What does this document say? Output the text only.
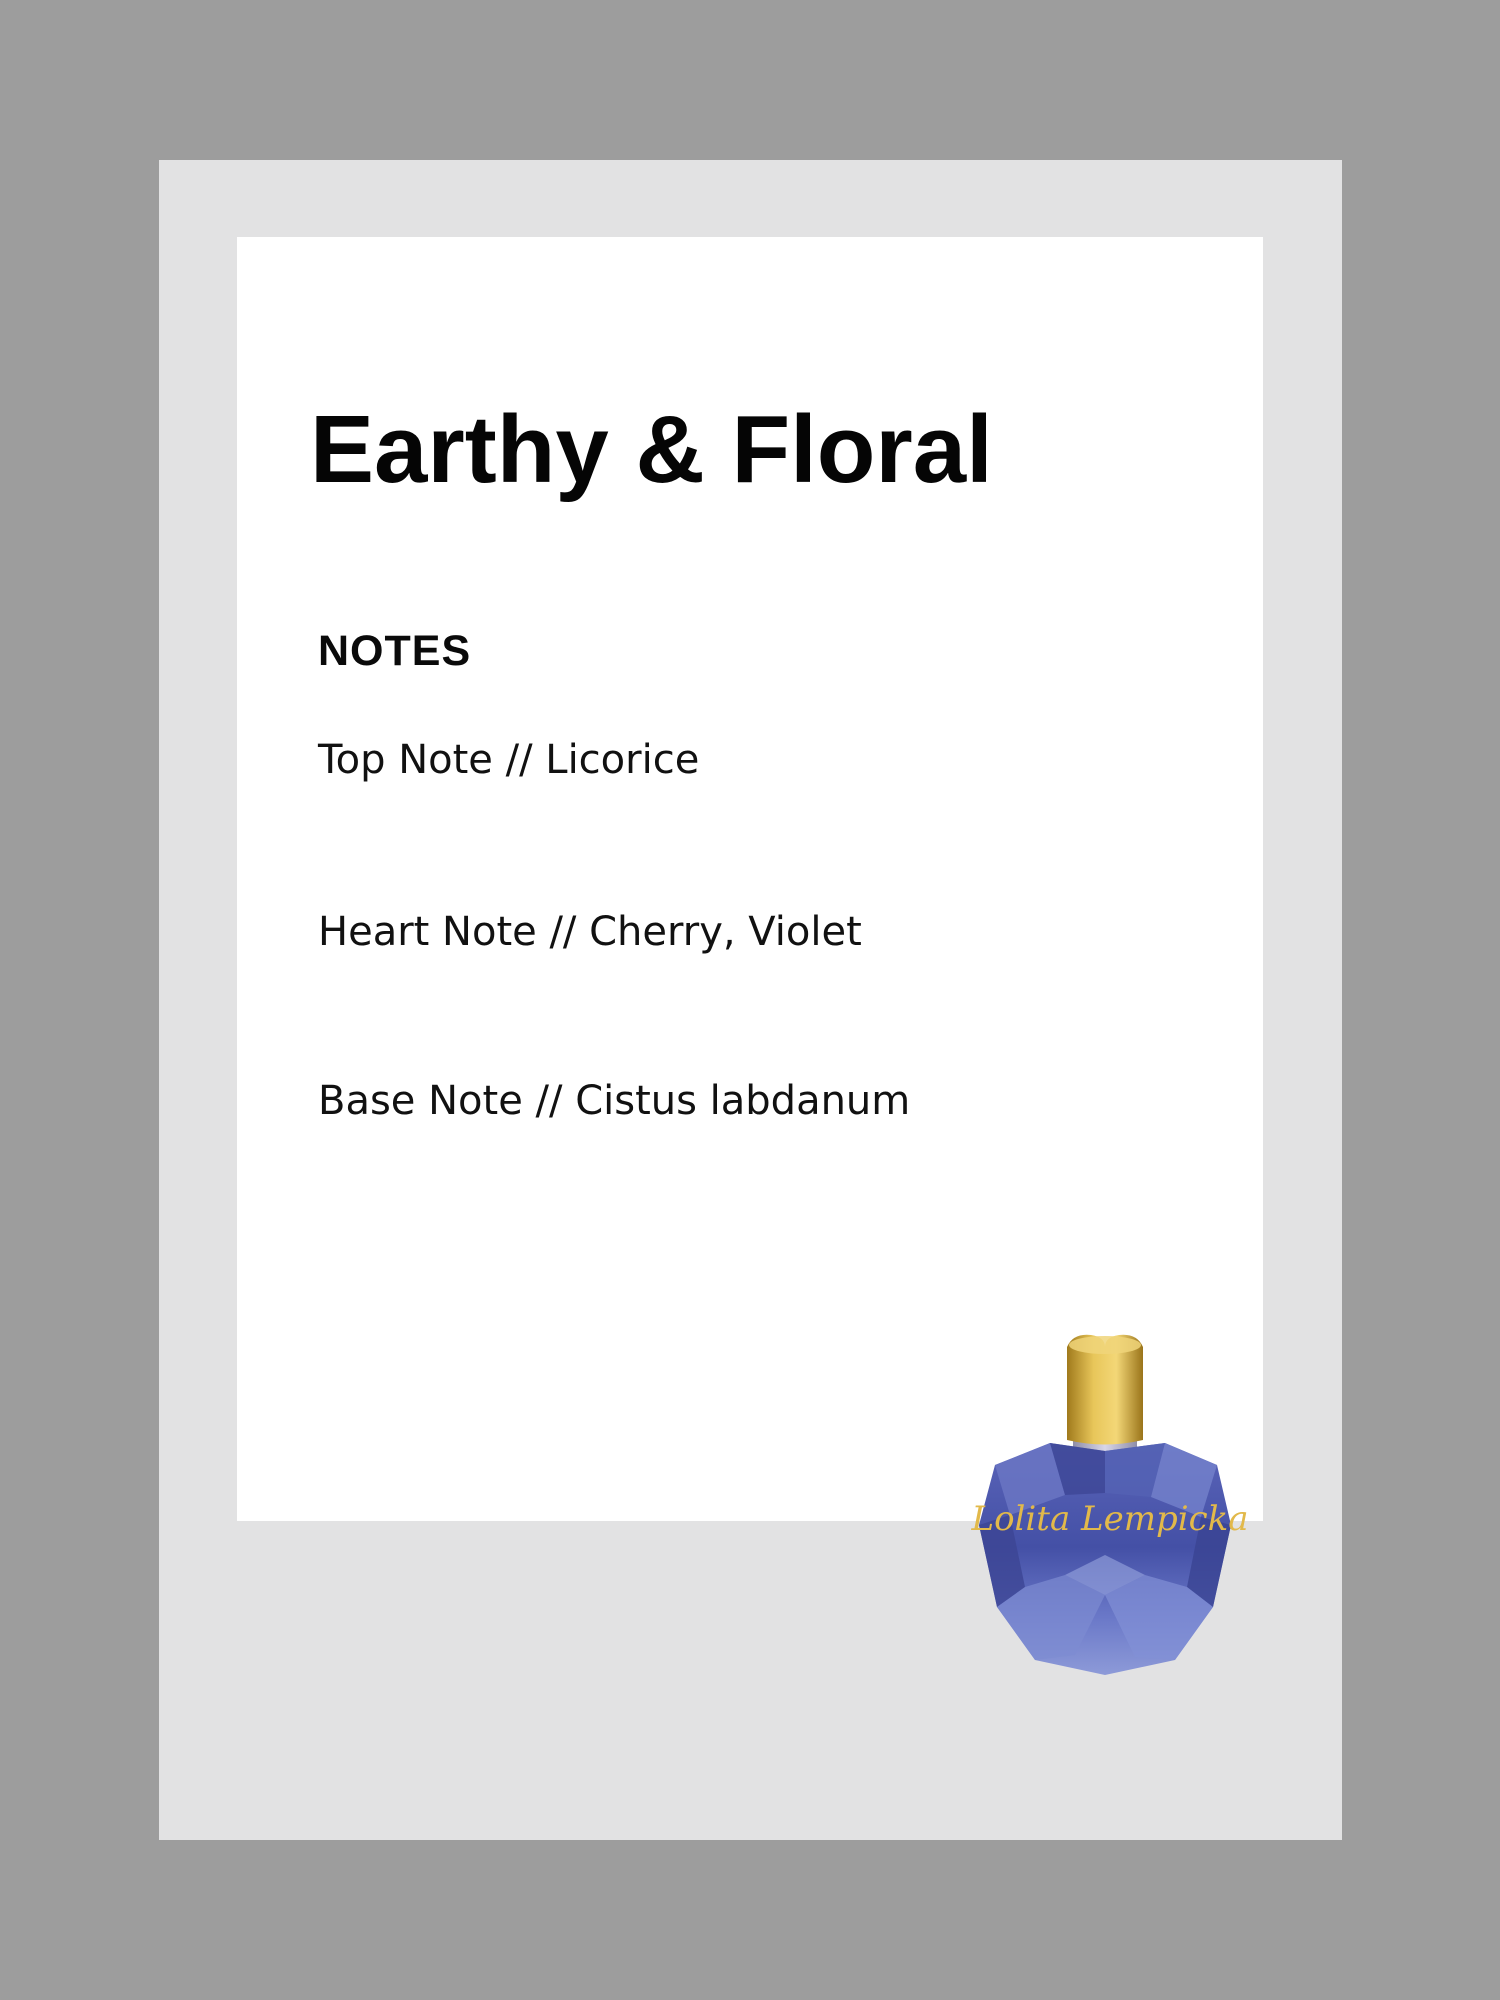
Earthy & Floral
NOTES
Top Note // Licorice
Heart Note // Cherry, Violet
Base Note // Cistus labdanum
Lolita Lempicka
